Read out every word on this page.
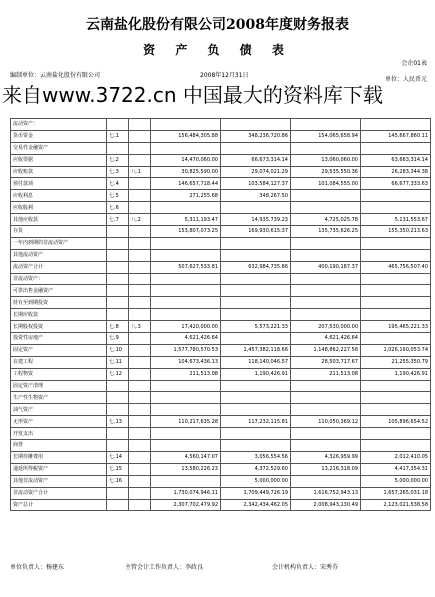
云南盐化股份有限公司2008年度财务报表
资 产 负 债 表
会企01表
编制单位：云南盐化股份有限公司	2008年12月31日
单位：人民币元
来自www.3722.cn 中国最大的资料库下载
流动资产：						
货币资金	七.1		156,484,305.88	348,236,720.86	154,065,658.94	145,667,860.11
交易性金融资产						
应收票据	七.2		14,470,060.00	66,673,314.14	13,060,060.00	63,663,314.14
应收账款	七.3	八.1	30,825,590.00	29,074,021.29	29,535,550.36	26,283,344.38
预付款项	七.4		146,657,718.44	103,584,127.37	101,084,555.00	66,677,333.63
应收利息	七.5		271,255.68	348,267.50		
应收股利	七.6					
其他应收款	七.7	八.2	5,311,193.47	14,935,739.23	4,725,025.78	5,131,553.67
存货			153,807,073.25	169,930,615.37	135,735,626.25	155,350,213.63
一年内到期的非流动资产						
其他流动资产						
流动资产合计			507,627,533.81	632,984,735.86	400,190,187.37	465,756,507.40
非流动资产：						
可供出售金融资产						
持有至到期投资						
长期应收款						
长期股权投资	七.8	八.3	17,420,000.00	5,573,221.33	207,530,000.00	195,465,221.33
投资性房地产	七.9		4,621,426.64		4,621,426.64	
固定资产	七.10		1,577,780,570.53	1,457,382,118.66	1,148,862,227.56	1,026,160,053.74
在建工程	七.11		104,673,436.13	118,140,046.57	28,503,717.67	21,255,350.79
工程物资	七.12		211,513.08	1,190,426.91	211,513.08	1,190,426.91
固定资产清理						
生产性生物资产						
油气资产						
无形资产	七.13		110,217,635.28	117,232,115.81	110,050,369.12	105,896,654.52
开发支出						
商誉						
长期待摊费用	七.14		4,560,147.07	3,056,554.56	4,326,959.99	2,012,410.05
递延所得税资产	七.15		13,580,226.23	4,372,529.60	13,216,318.09	4,417,354.31
其他非流动资产	七.16			5,000,000.00		5,000,000.00
非流动资产合计			1,730,074,946.11	1,709,449,726.19	1,616,752,943.13	1,657,265,031.18
资产总计			2,307,702,479.92	2,342,434,462.05	2,008,943,130.49	2,123,021,538.58
单位负责人：杨建东	主管会计工作负责人：李政良	会计机构负责人：宋秀芬
